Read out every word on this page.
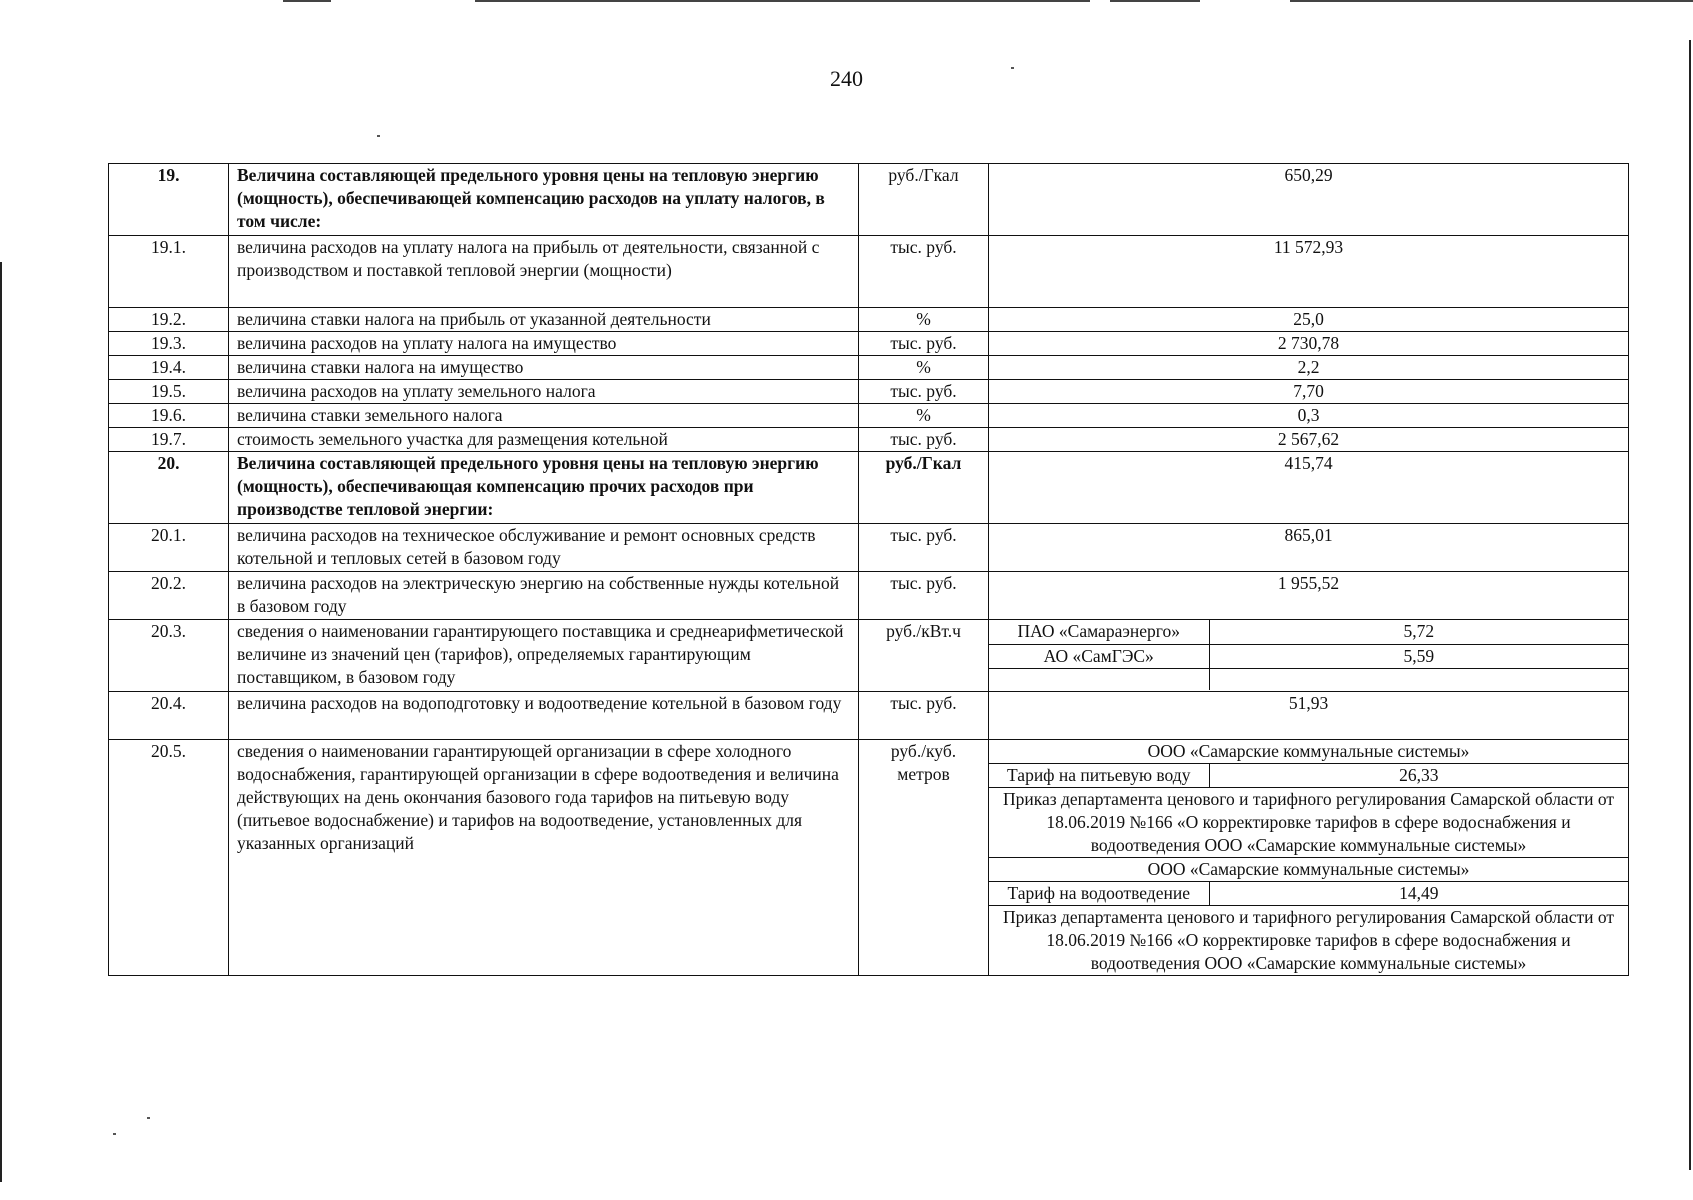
240
19.	Величина составляющей предельного уровня цены на тепловую энергию (мощность), обеспечивающей компенсацию расходов на уплату налогов, в том числе:	руб./Гкал	650,29

19.1.	величина расходов на уплату налога на прибыль от деятельности, связанной с производством и поставкой тепловой энергии (мощности)	тыс. руб.	11 572,93

19.2.	величина ставки налога на прибыль от указанной деятельности	%	25,0

19.3.	величина расходов на уплату налога на имущество	тыс. руб.	2 730,78

19.4.	величина ставки налога на имущество	%	2,2

19.5.	величина расходов на уплату земельного налога	тыс. руб.	7,70

19.6.	величина ставки земельного налога	%	0,3

19.7.	стоимость земельного участка для размещения котельной	тыс. руб.	2 567,62

20.	Величина составляющей предельного уровня цены на тепловую энергию (мощность), обеспечивающая компенсацию прочих расходов при производстве тепловой энергии:	руб./Гкал	415,74

20.1.	величина расходов на техническое обслуживание и ремонт основных средств котельной и тепловых сетей в базовом году	тыс. руб.	865,01

20.2.	величина расходов на электрическую энергию на собственные нужды котельной в базовом году	тыс. руб.	1 955,52

20.3.	сведения о наименовании гарантирующего поставщика и среднеарифметической величине из значений цен (тарифов), определяемых гарантирующим поставщиком, в базовом году	руб./кВт.ч		ПАО «Самараэнерго»	5,72
АО «СамГЭС»	5,59

20.4.	величина расходов на водоподготовку и водоотведение котельной в базовом году	тыс. руб.	51,93

20.5.	сведения о наименовании гарантирующей организации в сфере холодного водоснабжения, гарантирующей организации в сфере водоотведения и величина действующих на день окончания базового года тарифов на питьевую воду (питьевое водоснабжение) и тарифов на водоотведение, установленных для указанных организаций	руб./куб. метров	
ООО «Самарские коммунальные системы»
Тариф на питьевую воду	26,33
Приказ департамента ценового и тарифного регулирования Самарской области от 18.06.2019 №166 «О корректировке тарифов в сфере водоснабжения и водоотведения ООО «Самарские коммунальные системы»
ООО «Самарские коммунальные системы»
Тариф на водоотведение	14,49
Приказ департамента ценового и тарифного регулирования Самарской области от 18.06.2019 №166 «О корректировке тарифов в сфере водоснабжения и водоотведения ООО «Самарские коммунальные системы»
